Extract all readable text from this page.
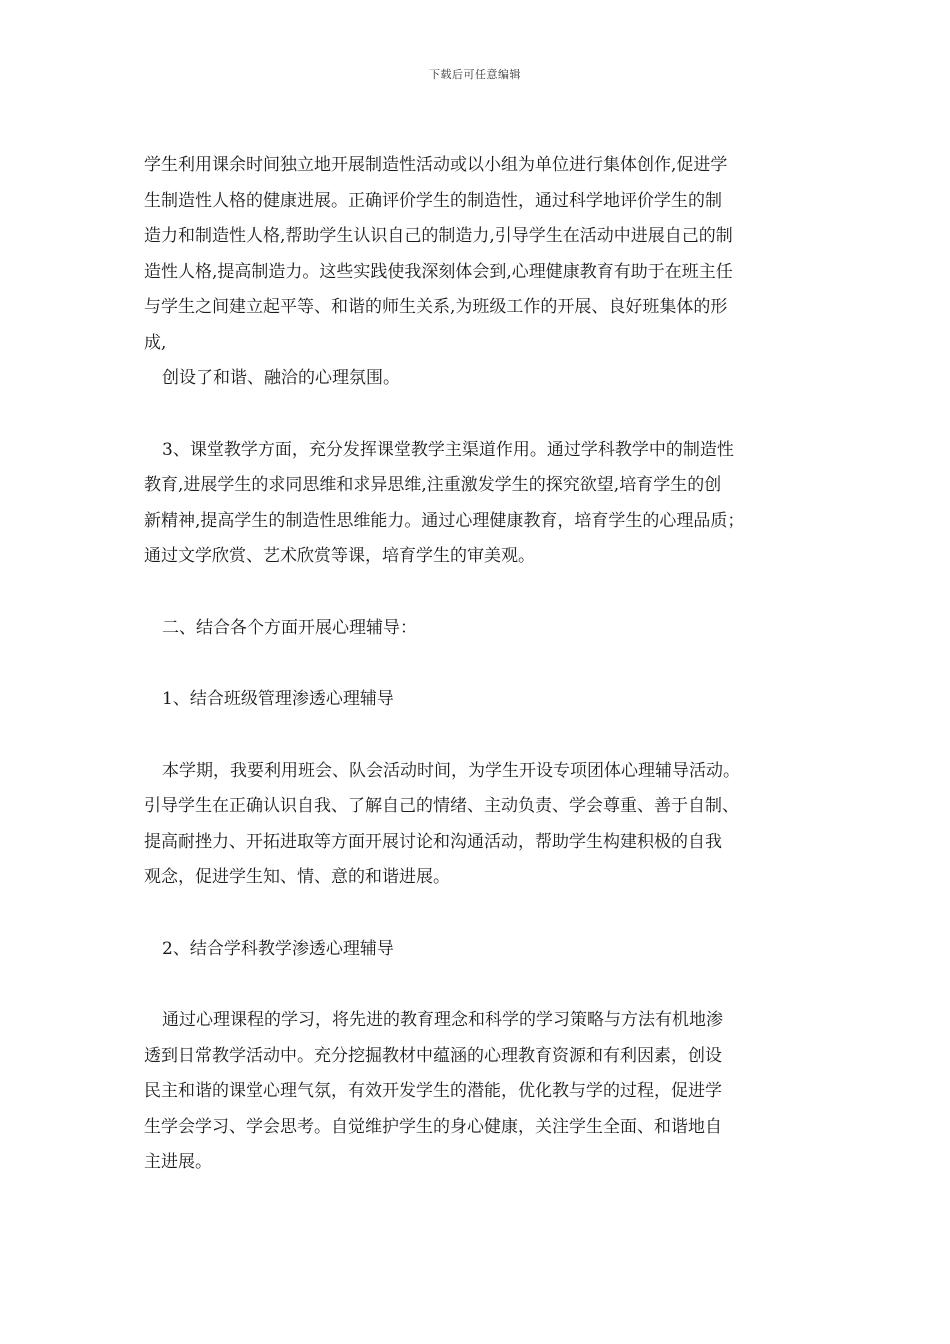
下载后可任意编辑
学生利用课余时间独立地开展制造性活动或以小组为单位进行集体创作,促进学
生制造性人格的健康进展。正确评价学生的制造性，通过科学地评价学生的制
造力和制造性人格,帮助学生认识自己的制造力,引导学生在活动中进展自己的制
造性人格,提高制造力。这些实践使我深刻体会到,心理健康教育有助于在班主任
与学生之间建立起平等、和谐的师生关系,为班级工作的开展、良好班集体的形
成,
创设了和谐、融洽的心理氛围。
3、课堂教学方面，充分发挥课堂教学主渠道作用。通过学科教学中的制造性
教育,进展学生的求同思维和求异思维,注重激发学生的探究欲望,培育学生的创
新精神,提高学生的制造性思维能力。通过心理健康教育，培育学生的心理品质；
通过文学欣赏、艺术欣赏等课，培育学生的审美观。
二、结合各个方面开展心理辅导：
1、结合班级管理渗透心理辅导
本学期，我要利用班会、队会活动时间，为学生开设专项团体心理辅导活动。
引导学生在正确认识自我、了解自己的情绪、主动负责、学会尊重、善于自制、
提高耐挫力、开拓进取等方面开展讨论和沟通活动，帮助学生构建积极的自我
观念，促进学生知、情、意的和谐进展。
2、结合学科教学渗透心理辅导
通过心理课程的学习，将先进的教育理念和科学的学习策略与方法有机地渗
透到日常教学活动中。充分挖掘教材中蕴涵的心理教育资源和有利因素，创设
民主和谐的课堂心理气氛，有效开发学生的潜能，优化教与学的过程，促进学
生学会学习、学会思考。自觉维护学生的身心健康，关注学生全面、和谐地自
主进展。
